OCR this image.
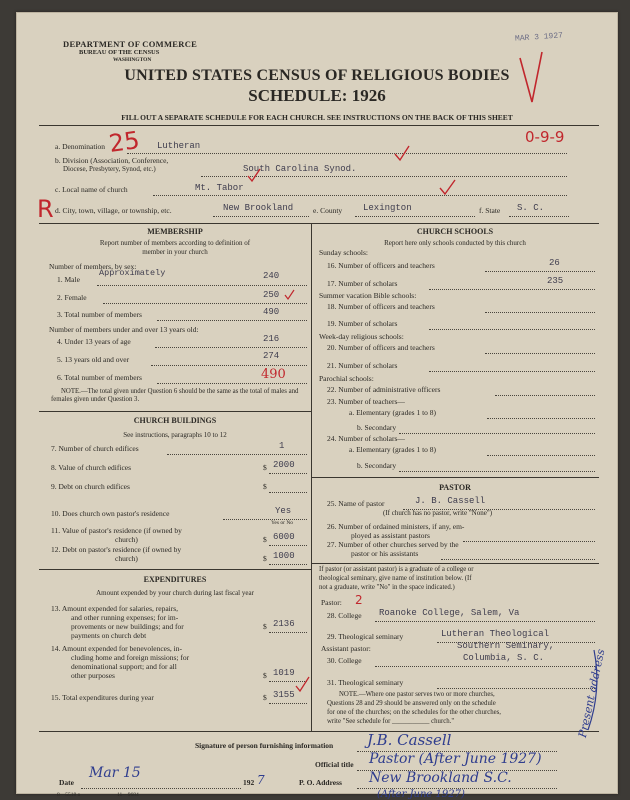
DEPARTMENT OF COMMERCE
BUREAU OF THE CENSUS
WASHINGTON
MAR 3 1927
UNITED STATES CENSUS OF RELIGIOUS BODIES
SCHEDULE: 1926
FILL OUT A SEPARATE SCHEDULE FOR EACH CHURCH. SEE INSTRUCTIONS ON THE BACK OF THIS SHEET
a. Denomination	Lutheran
b. Division (Association, Conference,
Diocese, Presbytery, Synod, etc.)	South Carolina Synod.
c. Local name of church	Mt. Tabor
d. City, town, village, or township, etc.	New Brookland	e. County Lexington	f. State S. C.
MEMBERSHIP
Report number of members according to definition of
member in your church
Number of members, by sex:
Approximately
1. Male	240
2. Female	250
3. Total number of members	490
Number of members under and over 13 years old:
4. Under 13 years of age	216
5. 13 years old and over	274
6. Total number of members	490
NOTE.—The total given under Question 6 should be the same as the total of males and females given under Question 3.
CHURCH BUILDINGS
See instructions, paragraphs 10 to 12
7. Number of church edifices	1
8. Value of church edifices	$ 2000
9. Debt on church edifices	$
10. Does church own pastor's residence	Yes
Yes or No
11. Value of pastor's residence (if owned by
church)	$ 6000
12. Debt on pastor's residence (if owned by
church)	$ 1000
EXPENDITURES
Amount expended by your church during last fiscal year
13. Amount expended for salaries, repairs,
and other running expenses; for im-
provements or new buildings; and for
payments on church debt
$ 2136
14. Amount expended for benevolences, in-
cluding home and foreign missions; for
denominational support; and for all
other purposes	$ 1019
15. Total expenditures during year	$ 3155
CHURCH SCHOOLS
Report here only schools conducted by this church
Sunday schools:
16. Number of officers and teachers	26
17. Number of scholars	235
Summer vacation Bible schools:
18. Number of officers and teachers
19. Number of scholars
Week-day religious schools:
20. Number of officers and teachers
21. Number of scholars
Parochial schools:
22. Number of administrative officers
23. Number of teachers—
a. Elementary (grades 1 to 8)
b. Secondary
24. Number of scholars—
a. Elementary (grades 1 to 8)
b. Secondary
PASTOR
25. Name of pastor	J. B. Cassell
(If church has no pastor, write "None")
26. Number of ordained ministers, if any, em-
ployed as assistant pastors
27. Number of other churches served by the
pastor or his assistants
If pastor (or assistant pastor) is a graduate of a college or
theological seminary, give name of institution below. (If
not a graduate, write "No" in the space indicated.)
Pastor:
28. College Roanoke College, Salem, Va
29. Theological seminary	Lutheran Theological
Southern Seminary,
Columbia, S. C.
Assistant pastor:
30. College
31. Theological seminary
NOTE.—Where one pastor serves two or more churches,
Questions 28 and 29 should be answered only on the schedule
for one of the churches; on the schedules for the other churches,
write "See schedule for ___________ church."
Signature of person furnishing information J.B. Cassell
Official title Pastor (After June 1927)
Date
Mar 15
192 7	P. O. Address New Brookland S.C.
(After June 1927)
8—5518 a	11—9684
25
R
0-9-9
2
Present address
